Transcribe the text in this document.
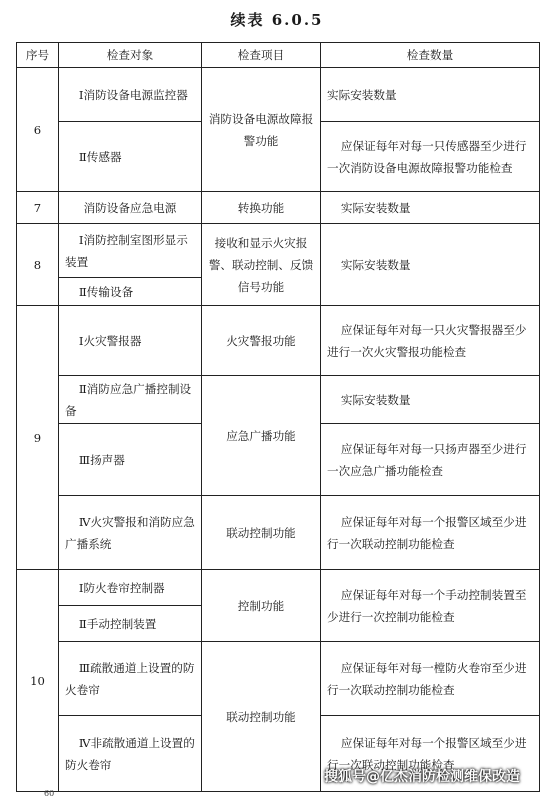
续表 6.0.5
序号	检查对象	检查项目	检查数量
6	Ⅰ消防设备电源监控器	消防设备电源故障报警功能	实际安装数量
	Ⅱ传感器		应保证每年对每一只传感器至少进行一次消防设备电源故障报警功能检查
7	消防设备应急电源	转换功能	实际安装数量
8	Ⅰ消防控制室图形显示装置	接收和显示火灾报警、联动控制、反馈信号功能	实际安装数量
	Ⅱ传输设备		
9	Ⅰ火灾警报器	火灾警报功能	应保证每年对每一只火灾警报器至少进行一次火灾警报功能检查
	Ⅱ消防应急广播控制设备	应急广播功能	实际安装数量
	Ⅲ扬声器		应保证每年对每一只扬声器至少进行一次应急广播功能检查
	Ⅳ火灾警报和消防应急广播系统	联动控制功能	应保证每年对每一个报警区域至少进行一次联动控制功能检查
10	Ⅰ防火卷帘控制器	控制功能	应保证每年对每一个手动控制装置至少进行一次控制功能检查
	Ⅱ手动控制装置		
	Ⅲ疏散通道上设置的防火卷帘	联动控制功能	应保证每年对每一樘防火卷帘至少进行一次联动控制功能检查
	Ⅳ非疏散通道上设置的防火卷帘		应保证每年对每一个报警区域至少进行一次联动控制功能检查
搜狐号@亿杰消防检测维保改造
60
